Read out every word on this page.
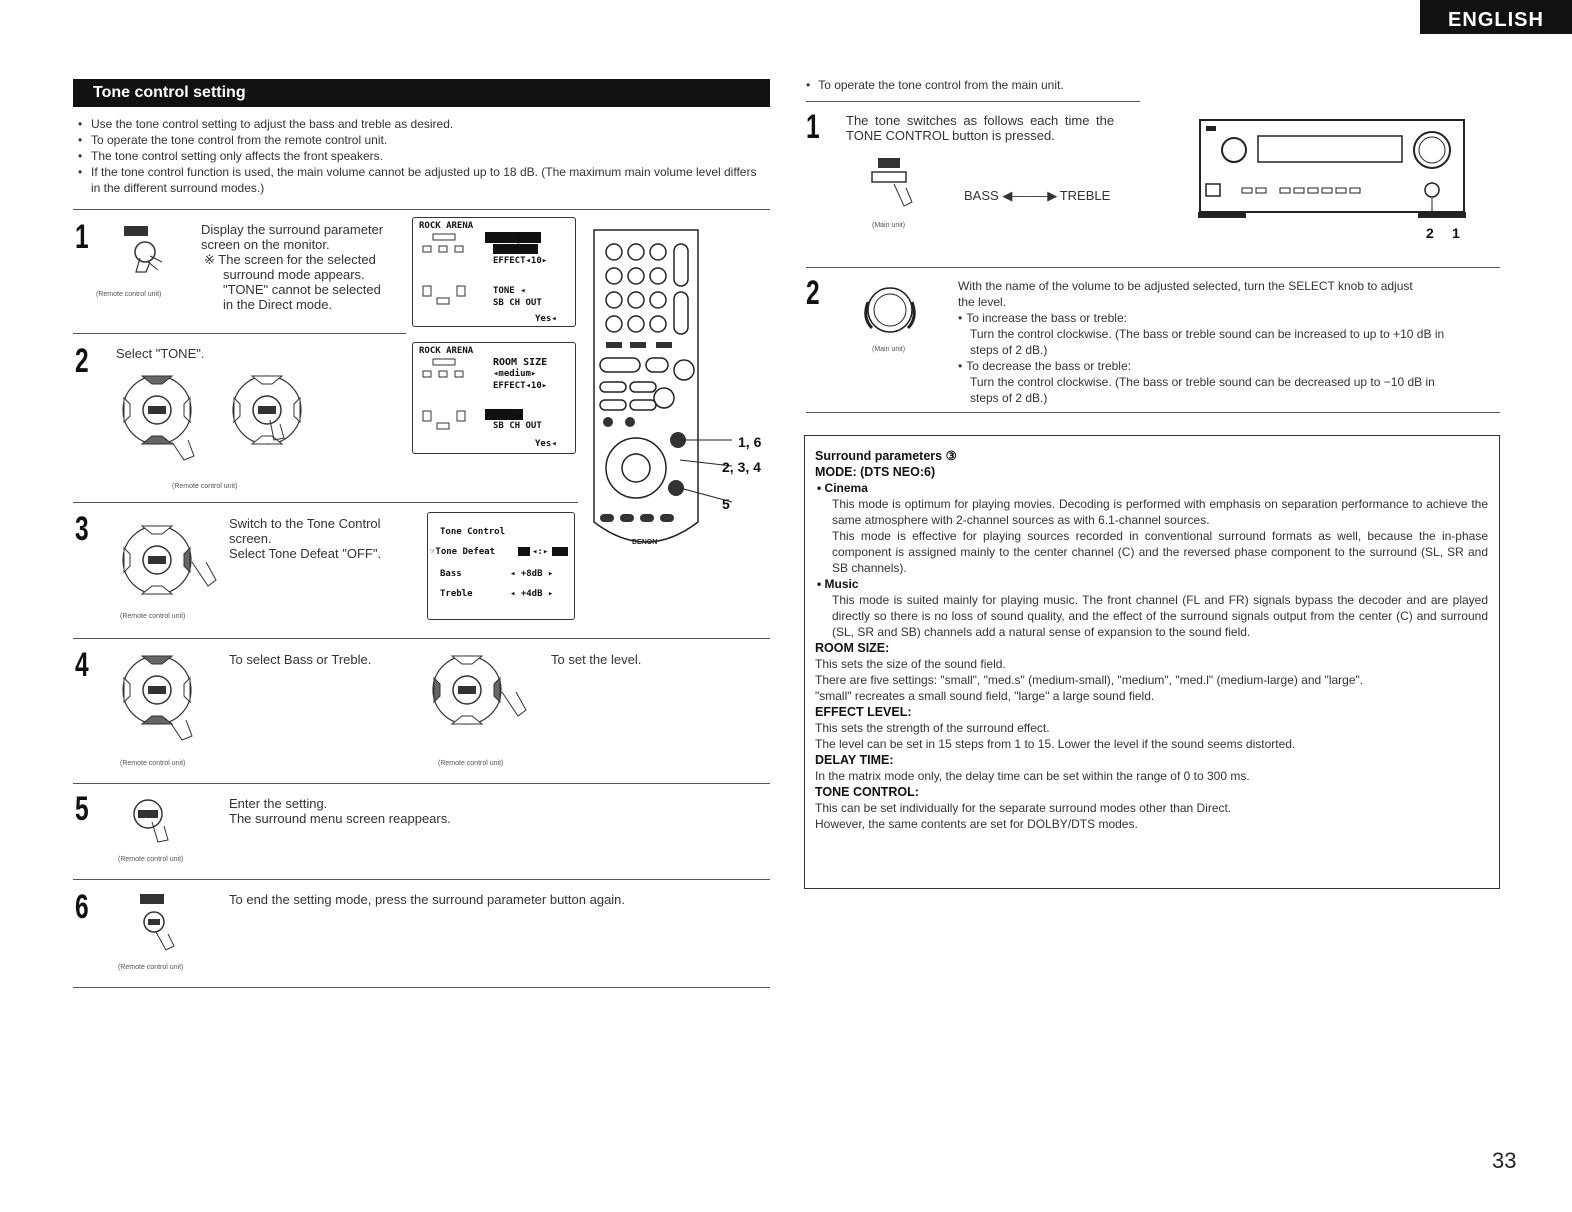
ENGLISH
Tone control setting
• Use the tone control setting to adjust the bass and treble as desired.
• To operate the tone control from the remote control unit.
• The tone control setting only affects the front speakers.
• If the tone control function is used, the main volume cannot be adjusted up to 18 dB. (The maximum main volume level differs in the different surround modes.)
1
(Remote control unit)
Display the surround parameter
screen on the monitor.
※ The screen for the selected
surround mode appears.
"TONE" cannot be selected
in the Direct mode.
ROCK ARENA
ROOM SIZE
◂medium▸
EFFECT◂10▸
TONE ◂
SB CH OUT
Yes◂
2 Select "TONE".
(Remote control unit)
ROCK ARENA
ROOM SIZE
◂medium▸
EFFECT◂10▸
TONE ◂
SB CH OUT
Yes◂
3
(Remote control unit)
Switch to the Tone Control
screen.
Select Tone Defeat "OFF".
Tone Control
☞Tone Defeat	ON ◂:▸ OFF
Bass	◂ +8dB ▸
Treble	◂ +4dB ▸
DENON
1, 6
2, 3, 4
5
4
(Remote control unit)
To select Bass or Treble.
(Remote control unit)
To set the level.
5
(Remote control unit)
Enter the setting.
The surround menu screen reappears.
6
(Remote control unit)
To end the setting mode, press the surround parameter button again.
• To operate the tone control from the main unit.
1 The tone switches as follows each time the
TONE CONTROL button is pressed.
(Main unit)
BASS ◀———▶ TREBLE
2 1
2
(Main unit)
With the name of the volume to be adjusted selected, turn the SELECT knob to adjust
the level.
• To increase the bass or treble:
Turn the control clockwise. (The bass or treble sound can be increased to up to +10 dB in
steps of 2 dB.)
• To decrease the bass or treble:
Turn the control clockwise. (The bass or treble sound can be decreased up to −10 dB in
steps of 2 dB.)

Surround parameters ③

MODE: (DTS NEO:6)

• Cinema

This mode is optimum for playing movies. Decoding is performed with emphasis on separation performance to achieve the same atmosphere with 2-channel sources as with 6.1-channel sources.

This mode is effective for playing sources recorded in conventional surround formats as well, because the in-phase component is assigned mainly to the center channel (C) and the reversed phase component to the surround (SL, SR and SB channels).

• Music

This mode is suited mainly for playing music. The front channel (FL and FR) signals bypass the decoder and are played directly so there is no loss of sound quality, and the effect of the surround signals output from the center (C) and surround (SL, SR and SB) channels add a natural sense of expansion to the sound field.

ROOM SIZE:

This sets the size of the sound field.

There are five settings: "small", "med.s" (medium-small), "medium", "med.l" (medium-large) and "large".

"small" recreates a small sound field, "large" a large sound field.

EFFECT LEVEL:

This sets the strength of the surround effect.

The level can be set in 15 steps from 1 to 15. Lower the level if the sound seems distorted.

DELAY TIME:

In the matrix mode only, the delay time can be set within the range of 0 to 300 ms.

TONE CONTROL:

This can be set individually for the separate surround modes other than Direct.

However, the same contents are set for DOLBY/DTS modes.

33
